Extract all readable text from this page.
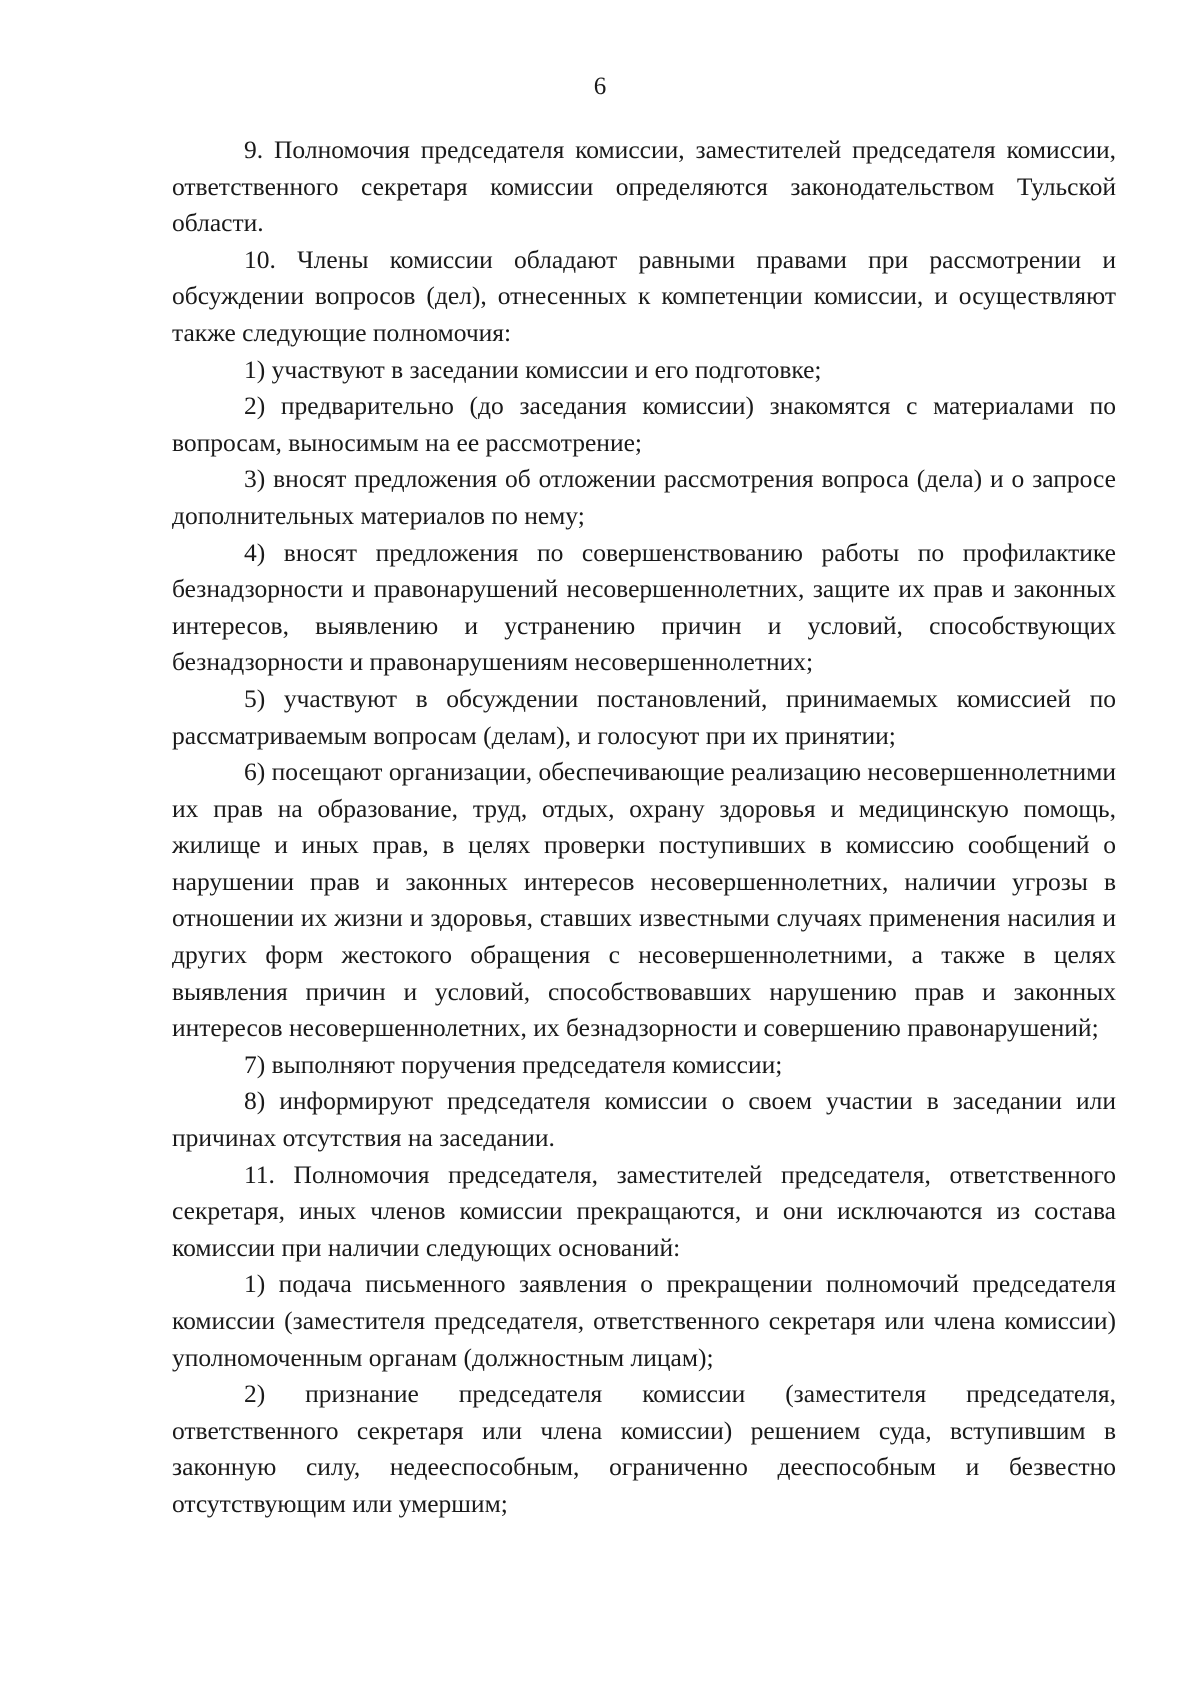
6

9. Полномочия председателя комиссии, заместителей председателя комиссии, ответственного секретаря комиссии определяются законодательством Тульской области.

10. Члены комиссии обладают равными правами при рассмотрении и обсуждении вопросов (дел), отнесенных к компетенции комиссии, и осуществляют также следующие полномочия:

1) участвуют в заседании комиссии и его подготовке;

2) предварительно (до заседания комиссии) знакомятся с материалами по вопросам, выносимым на ее рассмотрение;

3) вносят предложения об отложении рассмотрения вопроса (дела) и о запросе дополнительных материалов по нему;

4) вносят предложения по совершенствованию работы по профилактике безнадзорности и правонарушений несовершеннолетних, защите их прав и законных интересов, выявлению и устранению причин и условий, способствующих безнадзорности и правонарушениям несовершеннолетних;

5) участвуют в обсуждении постановлений, принимаемых комиссией по рассматриваемым вопросам (делам), и голосуют при их принятии;

6) посещают организации, обеспечивающие реализацию несовершеннолетними их прав на образование, труд, отдых, охрану здоровья и медицинскую помощь, жилище и иных прав, в целях проверки поступивших в комиссию сообщений о нарушении прав и законных интересов несовершеннолетних, наличии угрозы в отношении их жизни и здоровья, ставших известными случаях применения насилия и других форм жестокого обращения с несовершеннолетними, а также в целях выявления причин и условий, способствовавших нарушению прав и законных интересов несовершеннолетних, их безнадзорности и совершению правонарушений;

7) выполняют поручения председателя комиссии;

8) информируют председателя комиссии о своем участии в заседании или причинах отсутствия на заседании.

11. Полномочия председателя, заместителей председателя, ответственного секретаря, иных членов комиссии прекращаются, и они исключаются из состава комиссии при наличии следующих оснований:

1) подача письменного заявления о прекращении полномочий председателя комиссии (заместителя председателя, ответственного секретаря или члена комиссии) уполномоченным органам (должностным лицам);

2) признание председателя комиссии (заместителя председателя, ответственного секретаря или члена комиссии) решением суда, вступившим в законную силу, недееспособным, ограниченно дееспособным и безвестно отсутствующим или умершим;
